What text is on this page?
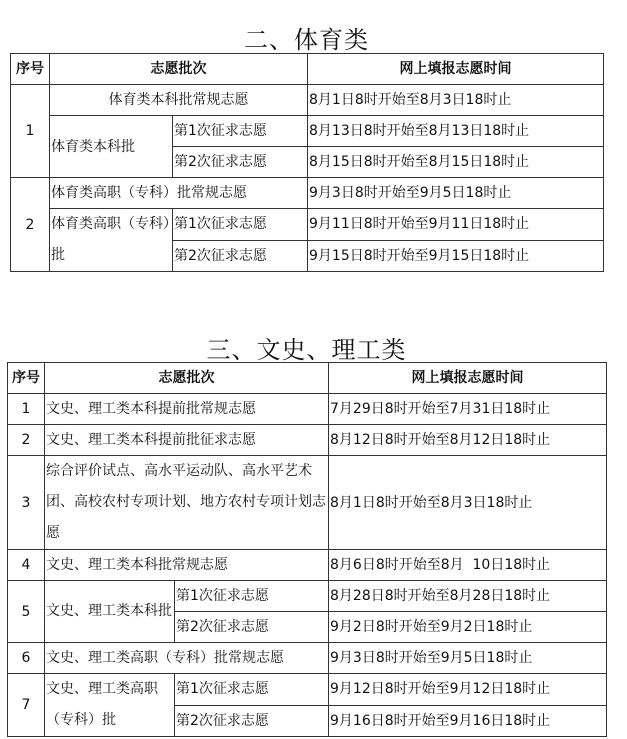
二、体育类
序号	志愿批次		网上填报志愿时间
1	体育类本科批常规志愿		8月1日8时开始至8月3日18时止
	体育类本科批	第1次征求志愿	8月13日8时开始至8月13日18时止
		第2次征求志愿	8月15日8时开始至8月15日18时止
2	体育类高职（专科）批常规志愿		9月3日8时开始至9月5日18时止
	体育类高职（专科）批	第1次征求志愿	9月11日8时开始至9月11日18时止
		第2次征求志愿	9月15日8时开始至9月15日18时止
三、文史、理工类
序号	志愿批次		网上填报志愿时间
1	文史、理工类本科提前批常规志愿		7月29日8时开始至7月31日18时止
2	文史、理工类本科提前批征求志愿		8月12日8时开始至8月12日18时止
3	综合评价试点、高水平运动队、高水平艺术团、高校农村专项计划、地方农村专项计划志愿		8月1日8时开始至8月3日18时止
4	文史、理工类本科批常规志愿		8月6日8时开始至8月  10日18时止
5	文史、理工类本科批	第1次征求志愿	8月28日8时开始至8月28日18时止
		第2次征求志愿	9月2日8时开始至9月2日18时止
6	文史、理工类高职（专科）批常规志愿		9月3日8时开始至9月5日18时止
7	文史、理工类高职（专科）批	第1次征求志愿	9月12日8时开始至9月12日18时止
		第2次征求志愿	9月16日8时开始至9月16日18时止
